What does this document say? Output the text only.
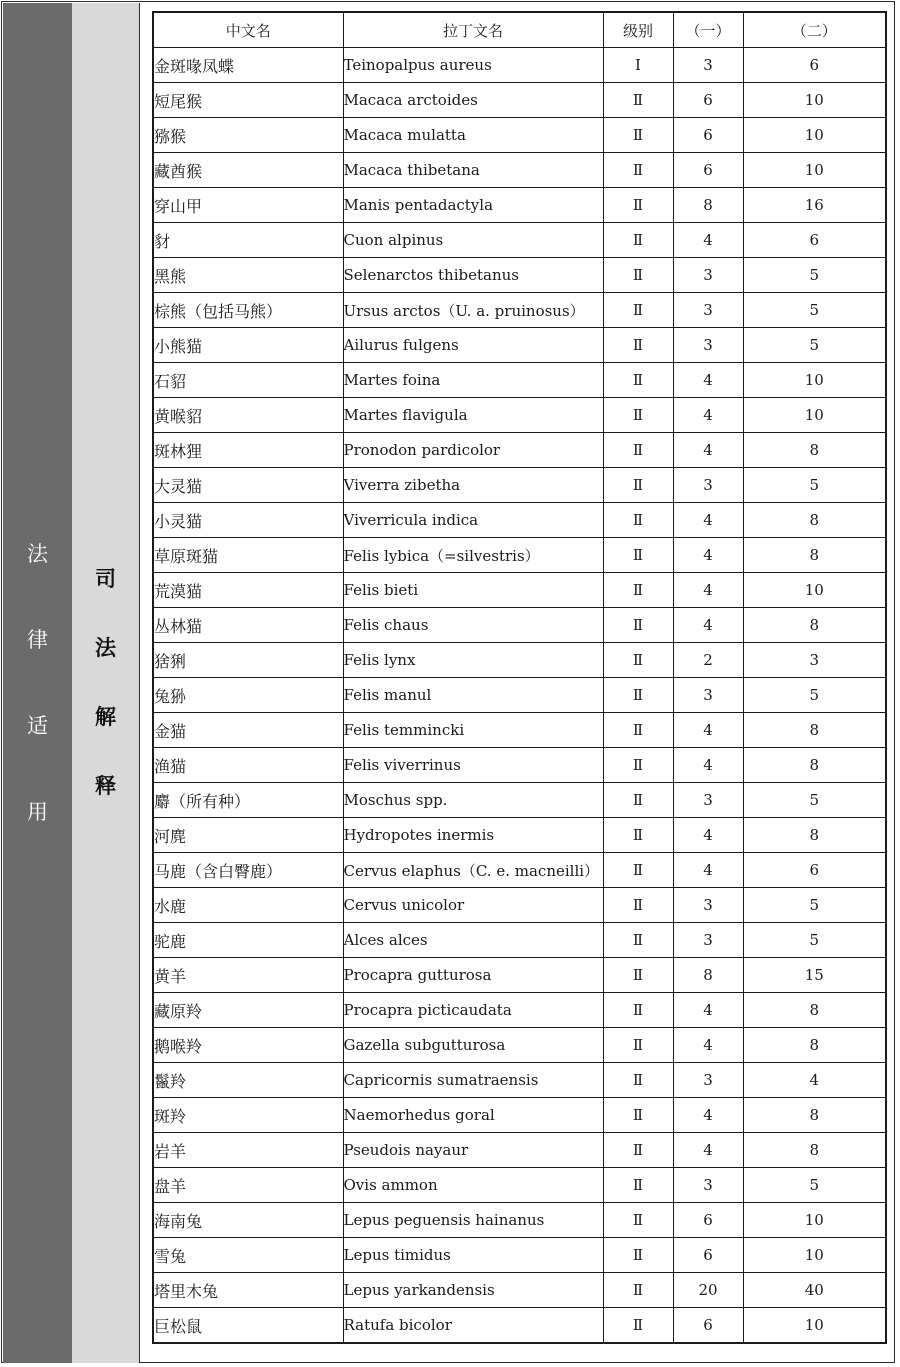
法
律
适
用
司
法
解
释
中文名	拉丁文名	级别	（一）	（二）
金斑喙凤蝶	Teinopalpus aureus	Ⅰ	3	6
短尾猴	Macaca arctoides	Ⅱ	6	10
猕猴	Macaca mulatta	Ⅱ	6	10
藏酋猴	Macaca thibetana	Ⅱ	6	10
穿山甲	Manis pentadactyla	Ⅱ	8	16
豺	Cuon alpinus	Ⅱ	4	6
黑熊	Selenarctos thibetanus	Ⅱ	3	5
棕熊（包括马熊）	Ursus arctos（U. a. pruinosus）	Ⅱ	3	5
小熊猫	Ailurus fulgens	Ⅱ	3	5
石貂	Martes foina	Ⅱ	4	10
黄喉貂	Martes flavigula	Ⅱ	4	10
斑林狸	Pronodon pardicolor	Ⅱ	4	8
大灵猫	Viverra zibetha	Ⅱ	3	5
小灵猫	Viverricula indica	Ⅱ	4	8
草原斑猫	Felis lybica（=silvestris）	Ⅱ	4	8
荒漠猫	Felis bieti	Ⅱ	4	10
丛林猫	Felis chaus	Ⅱ	4	8
猞猁	Felis lynx	Ⅱ	2	3
兔狲	Felis manul	Ⅱ	3	5
金猫	Felis temmincki	Ⅱ	4	8
渔猫	Felis viverrinus	Ⅱ	4	8
麝（所有种）	Moschus spp.	Ⅱ	3	5
河麂	Hydropotes inermis	Ⅱ	4	8
马鹿（含白臀鹿）	Cervus elaphus（C. e. macneilli）	Ⅱ	4	6
水鹿	Cervus unicolor	Ⅱ	3	5
驼鹿	Alces alces	Ⅱ	3	5
黄羊	Procapra gutturosa	Ⅱ	8	15
藏原羚	Procapra picticaudata	Ⅱ	4	8
鹅喉羚	Gazella subgutturosa	Ⅱ	4	8
鬣羚	Capricornis sumatraensis	Ⅱ	3	4
斑羚	Naemorhedus goral	Ⅱ	4	8
岩羊	Pseudois nayaur	Ⅱ	4	8
盘羊	Ovis ammon	Ⅱ	3	5
海南兔	Lepus peguensis hainanus	Ⅱ	6	10
雪兔	Lepus timidus	Ⅱ	6	10
塔里木兔	Lepus yarkandensis	Ⅱ	20	40
巨松鼠	Ratufa bicolor	Ⅱ	6	10
